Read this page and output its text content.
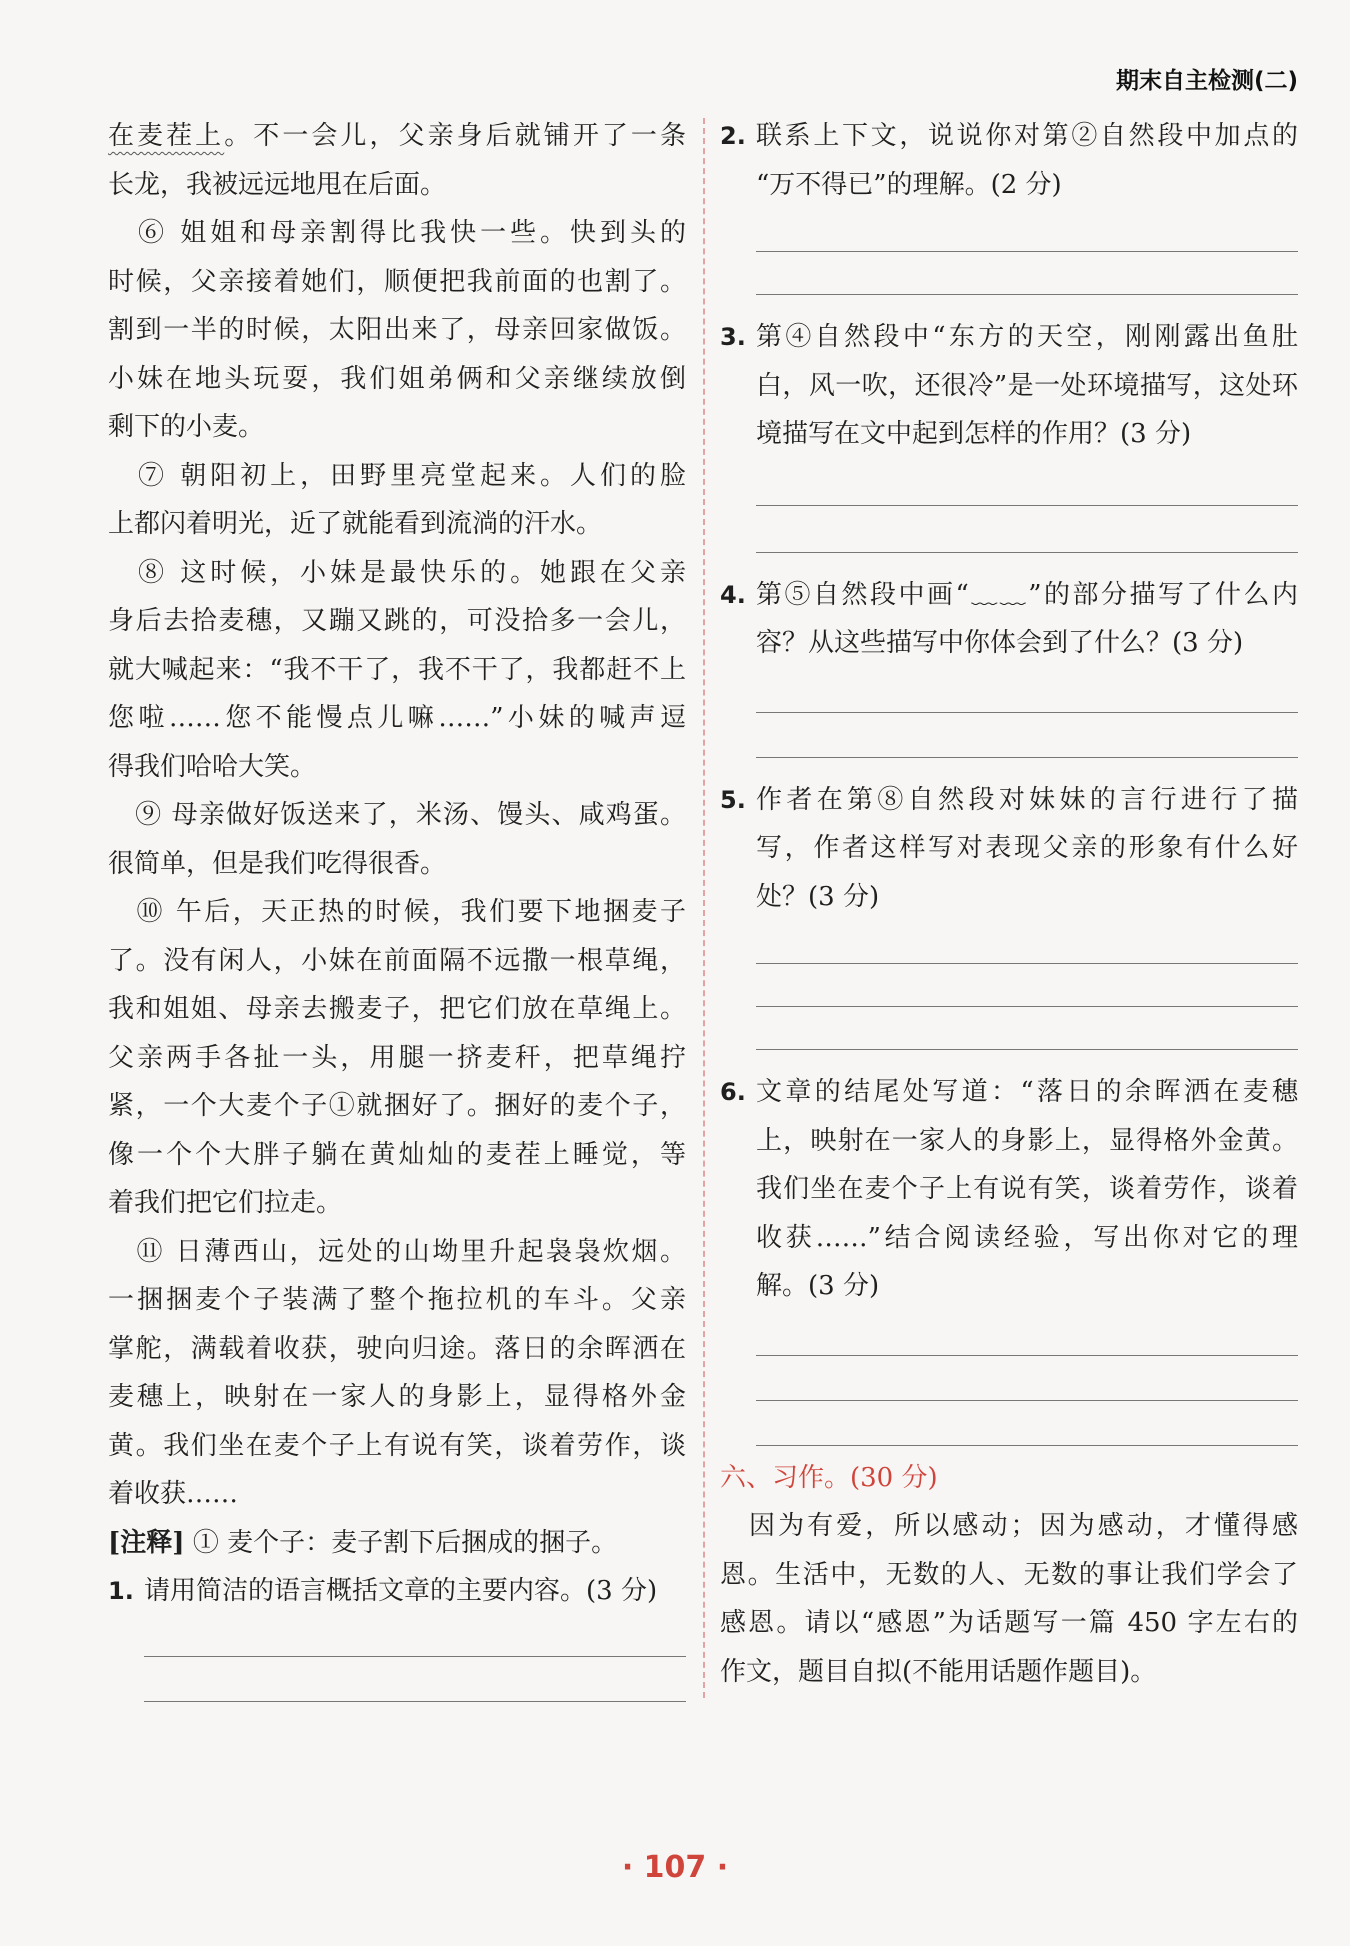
期末自主检测(二)
在麦茬上。不一会儿，父亲身后就铺开了一条
长龙，我被远远地甩在后面。
　⑥ 姐姐和母亲割得比我快一些。快到头的
时候，父亲接着她们，顺便把我前面的也割了。
割到一半的时候，太阳出来了，母亲回家做饭。
小妹在地头玩耍，我们姐弟俩和父亲继续放倒
剩下的小麦。
　⑦ 朝阳初上，田野里亮堂起来。人们的脸
上都闪着明光，近了就能看到流淌的汗水。
　⑧ 这时候，小妹是最快乐的。她跟在父亲
身后去拾麦穗，又蹦又跳的，可没拾多一会儿，
就大喊起来：“我不干了，我不干了，我都赶不上
您啦……您不能慢点儿嘛……”小妹的喊声逗
得我们哈哈大笑。
　⑨ 母亲做好饭送来了，米汤、馒头、咸鸡蛋。
很简单，但是我们吃得很香。
　⑩ 午后，天正热的时候，我们要下地捆麦子
了。没有闲人，小妹在前面隔不远撒一根草绳，
我和姐姐、母亲去搬麦子，把它们放在草绳上。
父亲两手各扯一头，用腿一挤麦秆，把草绳拧
紧，一个大麦个子①就捆好了。捆好的麦个子，
像一个个大胖子躺在黄灿灿的麦茬上睡觉，等
着我们把它们拉走。
　⑪ 日薄西山，远处的山坳里升起袅袅炊烟。
一捆捆麦个子装满了整个拖拉机的车斗。父亲
掌舵，满载着收获，驶向归途。落日的余晖洒在
麦穗上，映射在一家人的身影上，显得格外金
黄。我们坐在麦个子上有说有笑，谈着劳作，谈
着收获……
[注释] ① 麦个子：麦子割下后捆成的捆子。
1. 请用简洁的语言概括文章的主要内容。(3 分)
2. 联系上下文，说说你对第②自然段中加点的
“万不得已”的理解。(2 分)
3. 第④自然段中“东方的天空，刚刚露出鱼肚
白，风一吹，还很冷”是一处环境描写，这处环
境描写在文中起到怎样的作用？(3 分)
4. 第⑤自然段中画“﹏﹏”的部分描写了什么内
容？从这些描写中你体会到了什么？(3 分)
5. 作者在第⑧自然段对妹妹的言行进行了描
写，作者这样写对表现父亲的形象有什么好
处？(3 分)
6. 文章的结尾处写道：“落日的余晖洒在麦穗
上，映射在一家人的身影上，显得格外金黄。
我们坐在麦个子上有说有笑，谈着劳作，谈着
收获……”结合阅读经验，写出你对它的理
解。(3 分)
六、习作。(30 分)
　因为有爱，所以感动；因为感动，才懂得感
恩。生活中，无数的人、无数的事让我们学会了
感恩。请以“感恩”为话题写一篇 450 字左右的
作文，题目自拟(不能用话题作题目)。
· 107 ·
